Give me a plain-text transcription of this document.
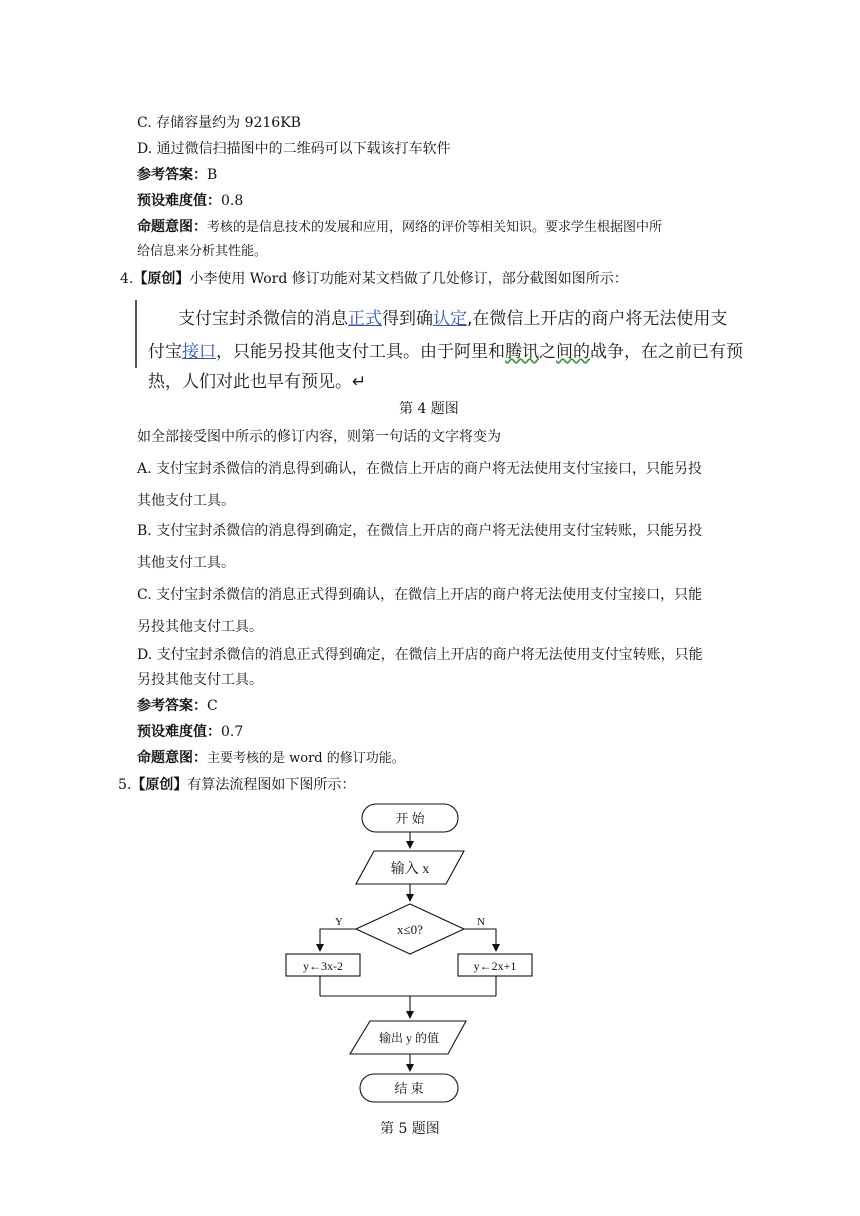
C. 存储容量约为 9216KB
D. 通过微信扫描图中的二维码可以下载该打车软件
参考答案：B
预设难度值：0.8
命题意图：考核的是信息技术的发展和应用，网络的评价等相关知识。要求学生根据图中所
给信息来分析其性能。
4.【原创】小李使用 Word 修订功能对某文档做了几处修订，部分截图如图所示：
支付宝封杀微信的消息正式得到确认定,在微信上开店的商户将无法使用支
付宝接口，只能另投其他支付工具。由于阿里和腾讯之间的战争，在之前已有预
热，人们对此也早有预见。↵
第 4 题图
如全部接受图中所示的修订内容，则第一句话的文字将变为
A. 支付宝封杀微信的消息得到确认，在微信上开店的商户将无法使用支付宝接口，只能另投
其他支付工具。
B. 支付宝封杀微信的消息得到确定，在微信上开店的商户将无法使用支付宝转账，只能另投
其他支付工具。
C. 支付宝封杀微信的消息正式得到确认，在微信上开店的商户将无法使用支付宝接口，只能
另投其他支付工具。
D. 支付宝封杀微信的消息正式得到确定，在微信上开店的商户将无法使用支付宝转账，只能
另投其他支付工具。
参考答案：C
预设难度值：0.7
命题意图：主要考核的是 word 的修订功能。
5.【原创】有算法流程图如下图所示：
开 始
输入 x
x≤0?
Y	N
y←3x-2	y←2x+1
输出 y 的值
结 束
第 5 题图
